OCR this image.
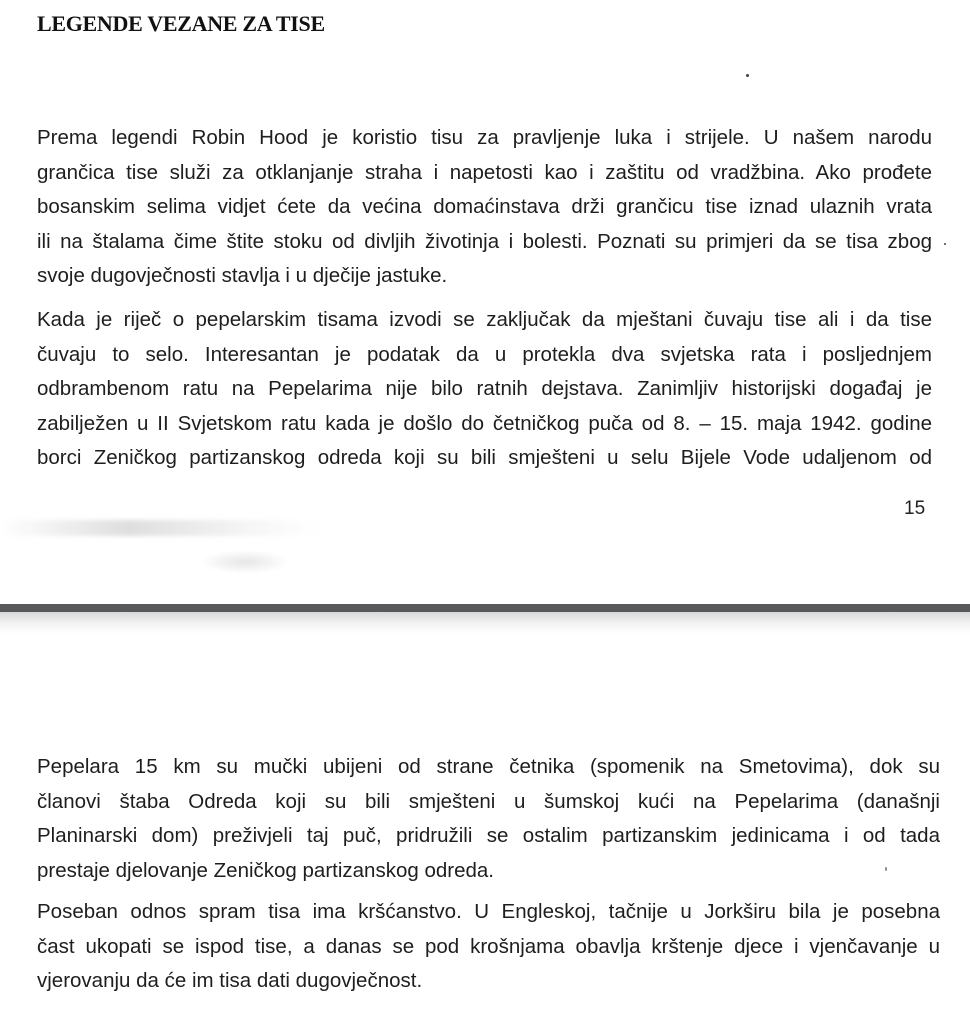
LEGENDE VEZANE ZA TISE

Prema legendi Robin Hood je koristio tisu za pravljenje luka i strijele. U našem narodu
grančica tise služi za otklanjanje straha i napetosti kao i zaštitu od vradžbina. Ako prođete
bosanskim selima vidjet ćete da većina domaćinstava drži grančicu tise iznad ulaznih vrata
ili na štalama čime štite stoku od divljih životinja i bolesti. Poznati su primjeri da se tisa zbog
svoje dugovječnosti stavlja i u dječije jastuke.

Kada je riječ o pepelarskim tisama izvodi se zaključak da mještani čuvaju tise ali i da tise
čuvaju to selo. Interesantan je podatak da u protekla dva svjetska rata i posljednjem
odbrambenom ratu na Pepelarima nije bilo ratnih dejstava. Zanimljiv historijski događaj je
zabilježen u II Svjetskom ratu kada je došlo do četničkog puča od 8. – 15. maja 1942. godine
borci Zeničkog partizanskog odreda koji su bili smješteni u selu Bijele Vode udaljenom od

15

Pepelara 15 km su mučki ubijeni od strane četnika (spomenik na Smetovima), dok su
članovi štaba Odreda koji su bili smješteni u šumskoj kući na Pepelarima (današnji
Planinarski dom) preživjeli taj puč, pridružili se ostalim partizanskim jedinicama i od tada
prestaje djelovanje Zeničkog partizanskog odreda.

Poseban odnos spram tisa ima kršćanstvo. U Engleskoj, tačnije u Jorkširu bila je posebna
čast ukopati se ispod tise, a danas se pod krošnjama obavlja krštenje djece i vjenčavanje u
vjerovanju da će im tisa dati dugovječnost.
